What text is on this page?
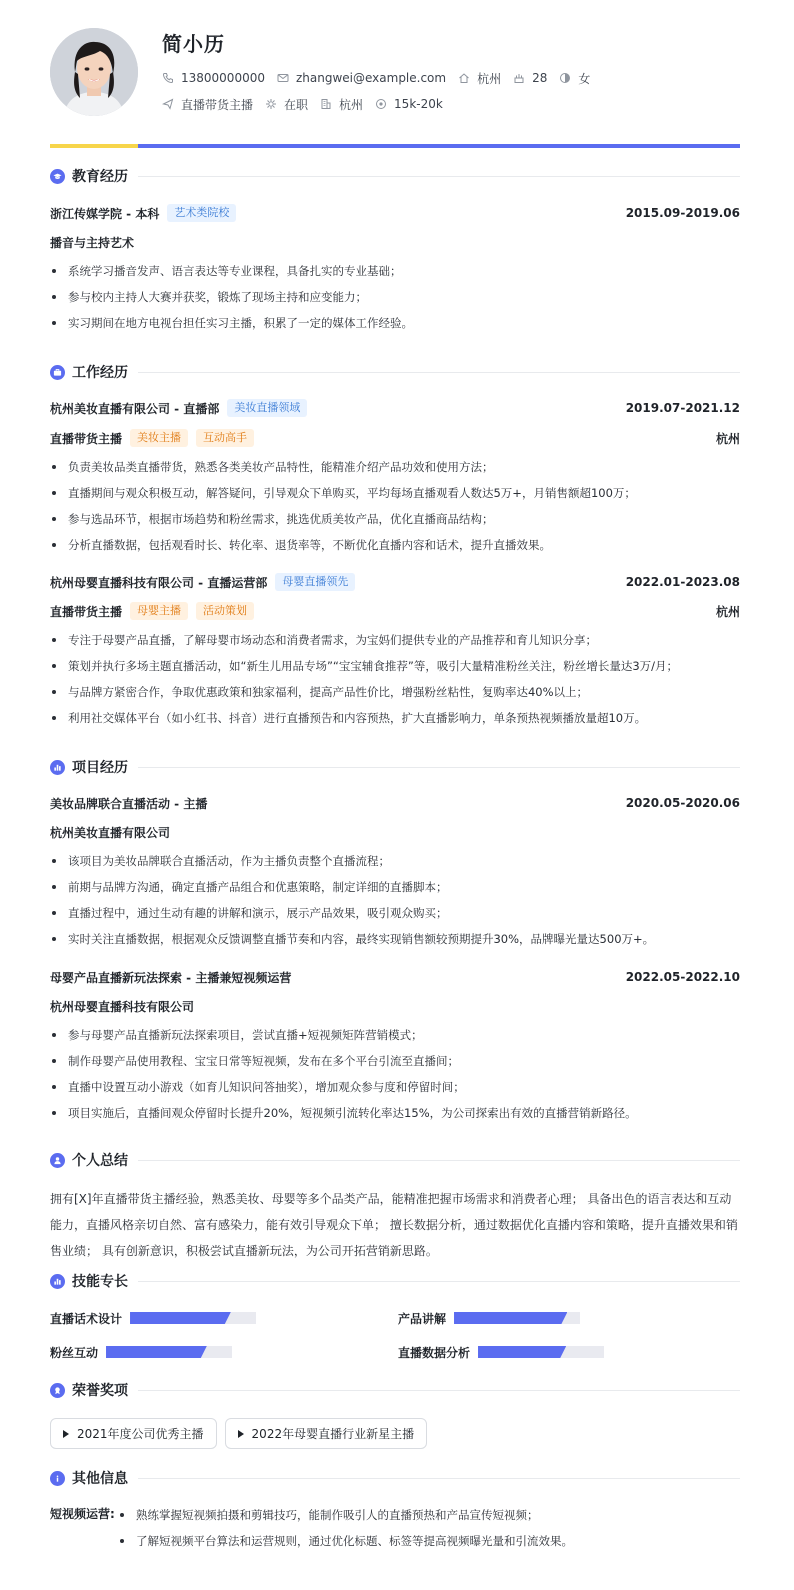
简小历
13800000000	zhangwei@example.com	杭州	28	女
直播带货主播	在职	杭州	15k-20k
教育经历
浙江传媒学院 - 本科	艺术类院校	2015.09-2019.06
播音与主持艺术
系统学习播音发声、语言表达等专业课程，具备扎实的专业基础；
参与校内主持人大赛并获奖，锻炼了现场主持和应变能力；
实习期间在地方电视台担任实习主播，积累了一定的媒体工作经验。
工作经历
杭州美妆直播有限公司 - 直播部	美妆直播领域	2019.07-2021.12
直播带货主播	美妆主播	互动高手	杭州
负责美妆品类直播带货，熟悉各类美妆产品特性，能精准介绍产品功效和使用方法；
直播期间与观众积极互动，解答疑问，引导观众下单购买，平均每场直播观看人数达5万+，月销售额超100万；
参与选品环节，根据市场趋势和粉丝需求，挑选优质美妆产品，优化直播商品结构；
分析直播数据，包括观看时长、转化率、退货率等，不断优化直播内容和话术，提升直播效果。
杭州母婴直播科技有限公司 - 直播运营部	母婴直播领先	2022.01-2023.08
直播带货主播	母婴主播	活动策划	杭州
专注于母婴产品直播，了解母婴市场动态和消费者需求，为宝妈们提供专业的产品推荐和育儿知识分享；
策划并执行多场主题直播活动，如“新生儿用品专场”“宝宝辅食推荐”等，吸引大量精准粉丝关注，粉丝增长量达3万/月；
与品牌方紧密合作，争取优惠政策和独家福利，提高产品性价比，增强粉丝粘性，复购率达40%以上；
利用社交媒体平台（如小红书、抖音）进行直播预告和内容预热，扩大直播影响力，单条预热视频播放量超10万。
项目经历
美妆品牌联合直播活动 - 主播	2020.05-2020.06
杭州美妆直播有限公司
该项目为美妆品牌联合直播活动，作为主播负责整个直播流程；
前期与品牌方沟通，确定直播产品组合和优惠策略，制定详细的直播脚本；
直播过程中，通过生动有趣的讲解和演示，展示产品效果，吸引观众购买；
实时关注直播数据，根据观众反馈调整直播节奏和内容，最终实现销售额较预期提升30%，品牌曝光量达500万+。
母婴产品直播新玩法探索 - 主播兼短视频运营	2022.05-2022.10
杭州母婴直播科技有限公司
参与母婴产品直播新玩法探索项目，尝试直播+短视频矩阵营销模式；
制作母婴产品使用教程、宝宝日常等短视频，发布在多个平台引流至直播间；
直播中设置互动小游戏（如育儿知识问答抽奖），增加观众参与度和停留时间；
项目实施后，直播间观众停留时长提升20%，短视频引流转化率达15%，为公司探索出有效的直播营销新路径。
个人总结

拥有[X]年直播带货主播经验，熟悉美妆、母婴等多个品类产品，能精准把握市场需求和消费者心理； 具备出色的语言表达和互动能力，直播风格亲切自然、富有感染力，能有效引导观众下单； 擅长数据分析，通过数据优化直播内容和策略，提升直播效果和销售业绩； 具有创新意识，积极尝试直播新玩法，为公司开拓营销新思路。

技能专长
直播话术设计	产品讲解
粉丝互动	直播数据分析
荣誉奖项
2021年度公司优秀主播	2022年母婴直播行业新星主播
其他信息
短视频运营:	熟练掌握短视频拍摄和剪辑技巧，能制作吸引人的直播预热和产品宣传短视频；
了解短视频平台算法和运营规则，通过优化标题、标签等提高视频曝光量和引流效果。
